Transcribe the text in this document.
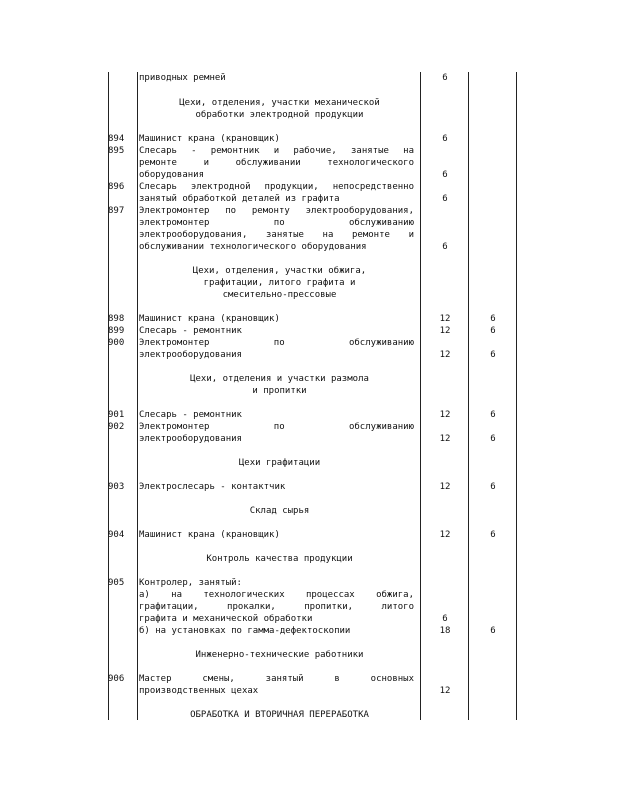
приводных ремней	6
Цехи, отделения, участки механической
обработки электродной продукции
894 Машинист крана (крановщик)	6
895 Слесарь - ремонтник и рабочие, занятые на
ремонте и обслуживании технологического
оборудования	6
896 Слесарь электродной продукции, непосредственно
занятый обработкой деталей из графита	6
897 Электромонтер по ремонту электрооборудования,
электромонтер по обслуживанию
электрооборудования, занятые на ремонте и
обслуживании технологического оборудования	6
Цехи, отделения, участки обжига,
графитации, литого графита и
смесительно-прессовые
898 Машинист крана (крановщик)	12	6
899 Слесарь - ремонтник	12	6
900 Электромонтер по обслуживанию
электрооборудования	12	6
Цехи, отделения и участки размола
и пропитки
901 Слесарь - ремонтник	12	6
902 Электромонтер по обслуживанию
электрооборудования	12	6
Цехи графитации
903 Электрослесарь - контактчик	12	6
Склад сырья
904 Машинист крана (крановщик)	12	6
Контроль качества продукции
905 Контролер, занятый:
а) на технологических процессах обжига,
графитации, прокалки, пропитки, литого
графита и механической обработки	6
б) на установках по гамма-дефектоскопии	18	6
Инженерно-технические работники
906 Мастер смены, занятый в основных
производственных цехах	12
ОБРАБОТКА И ВТОРИЧНАЯ ПЕРЕРАБОТКА
